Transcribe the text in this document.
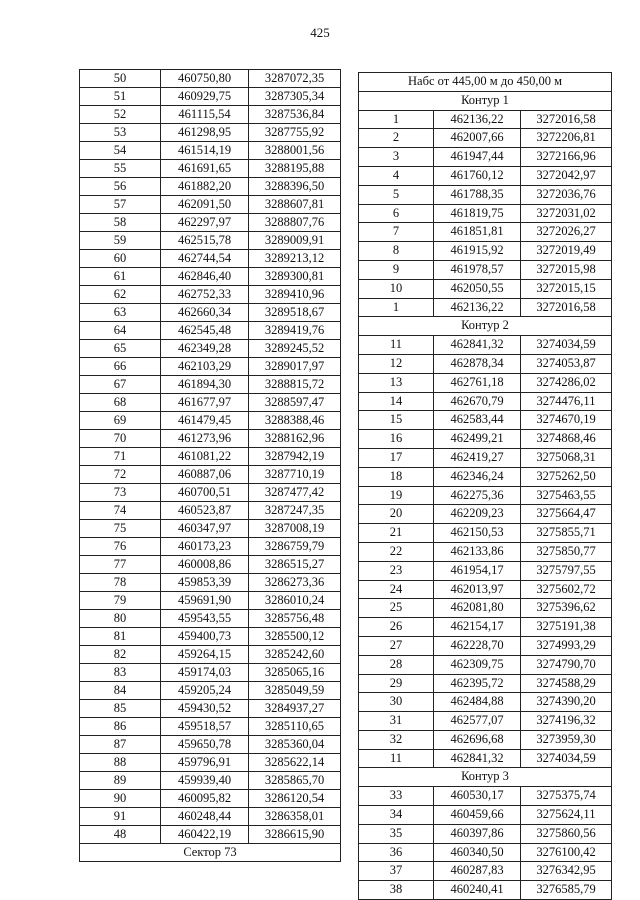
425
50	460750,80	3287072,35
51	460929,75	3287305,34
52	461115,54	3287536,84
53	461298,95	3287755,92
54	461514,19	3288001,56
55	461691,65	3288195,88
56	461882,20	3288396,50
57	462091,50	3288607,81
58	462297,97	3288807,76
59	462515,78	3289009,91
60	462744,54	3289213,12
61	462846,40	3289300,81
62	462752,33	3289410,96
63	462660,34	3289518,67
64	462545,48	3289419,76
65	462349,28	3289245,52
66	462103,29	3289017,97
67	461894,30	3288815,72
68	461677,97	3288597,47
69	461479,45	3288388,46
70	461273,96	3288162,96
71	461081,22	3287942,19
72	460887,06	3287710,19
73	460700,51	3287477,42
74	460523,87	3287247,35
75	460347,97	3287008,19
76	460173,23	3286759,79
77	460008,86	3286515,27
78	459853,39	3286273,36
79	459691,90	3286010,24
80	459543,55	3285756,48
81	459400,73	3285500,12
82	459264,15	3285242,60
83	459174,03	3285065,16
84	459205,24	3285049,59
85	459430,52	3284937,27
86	459518,57	3285110,65
87	459650,78	3285360,04
88	459796,91	3285622,14
89	459939,40	3285865,70
90	460095,82	3286120,54
91	460248,44	3286358,01
48	460422,19	3286615,90
Сектор 73		
Набс от 445,00 м до 450,00 м		
Контур 1		
1	462136,22	3272016,58
2	462007,66	3272206,81
3	461947,44	3272166,96
4	461760,12	3272042,97
5	461788,35	3272036,76
6	461819,75	3272031,02
7	461851,81	3272026,27
8	461915,92	3272019,49
9	461978,57	3272015,98
10	462050,55	3272015,15
1	462136,22	3272016,58
Контур 2		
11	462841,32	3274034,59
12	462878,34	3274053,87
13	462761,18	3274286,02
14	462670,79	3274476,11
15	462583,44	3274670,19
16	462499,21	3274868,46
17	462419,27	3275068,31
18	462346,24	3275262,50
19	462275,36	3275463,55
20	462209,23	3275664,47
21	462150,53	3275855,71
22	462133,86	3275850,77
23	461954,17	3275797,55
24	462013,97	3275602,72
25	462081,80	3275396,62
26	462154,17	3275191,38
27	462228,70	3274993,29
28	462309,75	3274790,70
29	462395,72	3274588,29
30	462484,88	3274390,20
31	462577,07	3274196,32
32	462696,68	3273959,30
11	462841,32	3274034,59
Контур 3		
33	460530,17	3275375,74
34	460459,66	3275624,11
35	460397,86	3275860,56
36	460340,50	3276100,42
37	460287,83	3276342,95
38	460240,41	3276585,79
